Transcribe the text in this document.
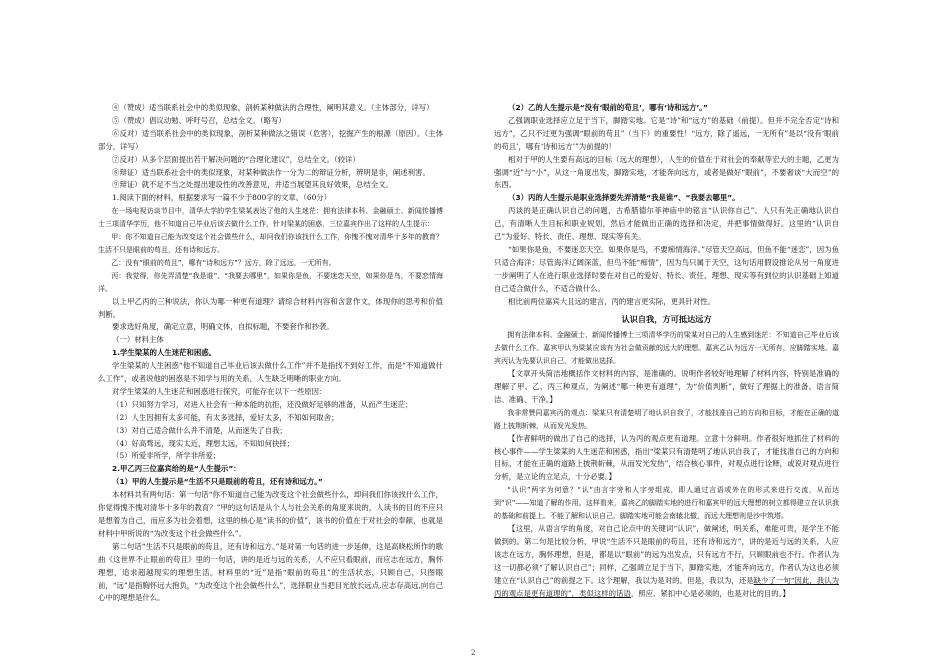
④（赞成）适当联系社会中的类似现象，剖析某种做法的合理性，阐明其意义。（主体部分，详写）

⑤（赞成）倡议动勉、呼吁号召，总结全文。（略写）

⑥反对）适当联系社会中的类似现象，剖析某种做法之错误（危害），挖掘产生的根源（原因）。（主体部分，详写）

⑦反对）从多个层面提出若干解决问题的“合理化建议”，总结全文。（较详）

⑧辩证）适当联系社会中的类似现象，对某种做法作一分为二的辩证分析，辨明是非，阐述利害。

⑨辩证）就不足不当之处提出建设性的改善意见，并适当展望其良好效果，总结全文。

1.阅读下面的材料，根据要求写一篇不少于800字的文章。（60分）

在一场电视访谈节目中，清华大学的学生梁某表达了他的人生迷茫：拥有法律本科、金融硕士、新闻传播博士三项清华学历，他不知道自己毕业后该去做什么工作，针对梁某的困惑，三位嘉宾作出了这样的人生提示：

甲：你不知道自己能为改变这个社会做些什么，却问我们你该找什么工作，你愧不愧对清华十多年的教育？生活不只是眼前的苟且，还有诗和远方。

乙：没有“眼前的苟且”，哪有“诗和远方”？远方，除了远远，一无所有。

丙：我觉得，你先弄清楚“我是谁”、“我要去哪里”，如果你是鱼，不要迷恋天空，如果你是鸟，不要恋情海洋。

以上甲乙丙的三种说法，你认为哪一种更有道理？请综合材料内容和含意作文，体现你的思考和价值判断。

要求选好角度，确定立意，明确文体，自拟标题，不要套作和抄袭。

（一）材料主体

1.学生梁某的人生迷茫和困惑。

学生梁某的人生困惑“他不知道自己毕业后该去做什么工作”并不是指找不到好工作，而是“不知道做什么工作”，或者说他的困惑是不知学与用的关系，人生缺乏明晰的职业方向。

对学生梁某的人生迷茫和困惑进行探究，可能存在以下一些原因：

（1）只知努力学习，对进入社会有一种本能的抗拒，还没做好足够的准备，从而产生迷茫；

（2）人生因拥有太多可能，有太多选择，爱好太多，不知如何取舍；

（3）对自己适合做什么并不清楚，从而迷失了自我；

（4）好高骛远，现实太近，理想太远，不知如何抉择；

（5）所爱非所学，所学非所爱；

2.甲乙丙三位嘉宾给的是“人生提示”：

（1）甲的人生提示是“生活不只是眼前的苟且，还有诗和远方。”

本材料共有两句话：第一句话“你不知道自己能为改变这个社会做些什么，却问我们你该找什么工作，你觉得愧不愧对清华十多年的教育？”甲的这句话是从个人与社会关系的角度来说的，人读书的目的不应只是想着为自己，而应多为社会着想，这里的核心是“读书的价值”，该书的价值在于对社会的奉献，也就是材料中甲所说的“为改变这个社会做些什么”。

第二句话“生活不只是眼前的苟且，还有诗和远方。”是对第一句话的进一步延伸，这是高晓松所作的歌曲《这世界不止眼前的苟且》里的一句话，讲的是近与远的关系，人不应只看眼前，而应志在远方，胸怀理想，追求超越现实的理想生活。材料里的“近”是指“眼前的苟且”的生活状态，只顾自己，只图眼前，“远”是指胸怀远大抱负，“为改变这个社会做些什么”，选择职业当把目光放长远点,应志存高远,向自己心中的理想是什么。

（2）乙的人生提示是“没有‘眼前的苟且’，哪有‘诗和远方’。”

乙强调职业选择应立足于当下，脚踏实地。它是“诗”和“远方”的基础（前提）。但并不完全否定“诗和远方”，乙只不过更为强调“眼前的苟且”（当下）的重要性！“远方，除了遥远，一无所有”是以“没有‘眼前的苟且’，哪有‘诗和远方’”为前提的！

相对于甲的人生要有高远的目标（远大的理想），人生的价值在于对社会的奉献等宏大的主题，乙更为强调“近”与“小”，从这一角度出发，脚踏实地，才能奔向远方，或者是做好“眼前”，不要奢谈“大而空”的东西。

（3）丙的人生提示是职业选择要先弄清楚“我是谁”、“我要去哪里”。

丙谈的是正确认识自己的问题，古希腊德尔菲神庙中的铭言“认识你自己”。人只有先正确地认识自己，有清晰人生目标和职业规划，然后才能做出正确的选择和决定，并把事情做得好。这里的“认识自己”为爱好、特长、责任、理想、现实等有关。

“如果你是鱼，不要迷恋天空。如果你是鸟，不要痴情海洋。”尽管天空高远，但鱼不能“迷恋”，因为鱼只适合海洋；尽管海洋辽阔深蓝，但鸟不能“痴情”，因为鸟只属于天空，这句话用假设推论从另一角度进一步阐明了人在进行职业选择时要在对自己的爱好、特长、责任、理想、现实等有到位的认识基础上知道自己适合做什么，不适合做什么。

相比前两位嘉宾大且远的建言，丙的建言更实际，更具针对性。

认识自我，方可抵达远方

拥有法律本科、金融硕士、新闻传播博士三项清华学历的梁某对自己的人生感到迷茫：不知道自己毕业后该去做什么工作。嘉宾甲认为梁某应该有为社会做贡献的远大的理想。嘉宾乙认为远方一无所有，应脚踏实地。嘉宾丙认为先要认识自己，才能做出选择。

【文章开头简洁地概括作文材料的内容，是准确的。说明作者较好地理解了材料内容，特别是准确的理解了甲、乙、丙三种观点，为阐述“哪一种更有道理”，为“价值判断”，做好了理据上的准备。语言简洁、准确、干净。】

我非常赞同嘉宾丙的观点：梁某只有清楚明了地认识自我了，才能找准自己的方向和目标，才能在正确的道路上披荆斩棘，从而发光发热。

【作者鲜明的做出了自己的选择，认为丙的观点更有道理。立意十分鲜明。作者很好地抓住了材料的核心事件——学生梁某的人生迷茫和困惑，指出“梁某只有清楚明了地认识自我了，才能找准自己的方向和目标，才能在正确的道路上披荆斩棘，从而发光发热”，结合核心事件，对观点进行诠释，或说对观点进行分析，是立论的立足点，十分必要。】

“认识”两字为何意？“认”由言字旁和人字旁组成，即人通过言语或外在的形式来进行交流，从而达到“识”——知道了解的作用。这样看来，嘉宾乙的脚踏实地的进行和嘉宾甲的远大理想的树立都得建立在认识我的基础和前提上。不能了解和认识自己，脚踏实地可能会南辕北辙，而远大理想则是沙中筑塔。

【这里，从语言学的角度，对自己论点中的关键词“认识”，做阐述，明关系，难能可贵，是学生不能做到的。第二句是比较分析，甲说“生活不只是眼前的苟且，还有诗和远方”，讲的是近与远的关系，人应该志在远方，胸怀理想，但是，都是以“眼前”的远为出发点，只有远方不行，只顾眼前也不行。作者认为这一切都必须“了解认识自己”；同样，乙强调立足于当下，脚踏实地，才能奔向远方，作者认为这也必须建立在“认识自己”的前提之下。这个理解，我以为是对的。但是，我以为，还是缺少了一句“因此，我认为丙的观点是更有道理的”，类似这样的话语，照应、紧扣中心是必须的，也是对比的目的。】

2
